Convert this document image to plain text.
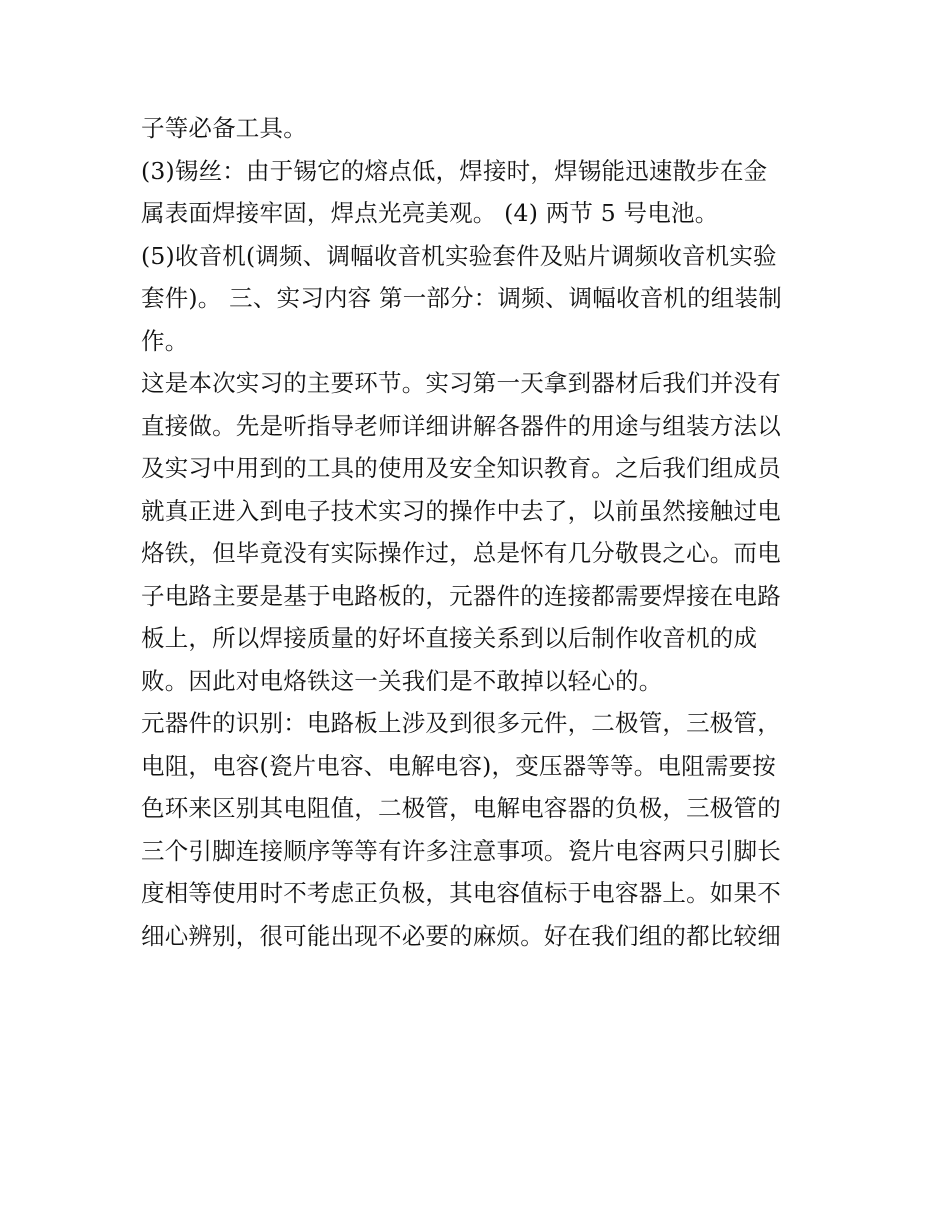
子等必备工具。
(3)锡丝：由于锡它的熔点低，焊接时，焊锡能迅速散步在金
属表面焊接牢固，焊点光亮美观。 (4) 两节 5 号电池。
(5)收音机(调频、调幅收音机实验套件及贴片调频收音机实验
套件)。 三、实习内容 第一部分：调频、调幅收音机的组装制
作。
这是本次实习的主要环节。实习第一天拿到器材后我们并没有
直接做。先是听指导老师详细讲解各器件的用途与组装方法以
及实习中用到的工具的使用及安全知识教育。之后我们组成员
就真正进入到电子技术实习的操作中去了，以前虽然接触过电
烙铁，但毕竟没有实际操作过，总是怀有几分敬畏之心。而电
子电路主要是基于电路板的，元器件的连接都需要焊接在电路
板上，所以焊接质量的好坏直接关系到以后制作收音机的成
败。因此对电烙铁这一关我们是不敢掉以轻心的。
元器件的识别：电路板上涉及到很多元件，二极管，三极管，
电阻，电容(瓷片电容、电解电容)，变压器等等。电阻需要按
色环来区别其电阻值，二极管，电解电容器的负极，三极管的
三个引脚连接顺序等等有许多注意事项。瓷片电容两只引脚长
度相等使用时不考虑正负极，其电容值标于电容器上。如果不
细心辨别，很可能出现不必要的麻烦。好在我们组的都比较细
